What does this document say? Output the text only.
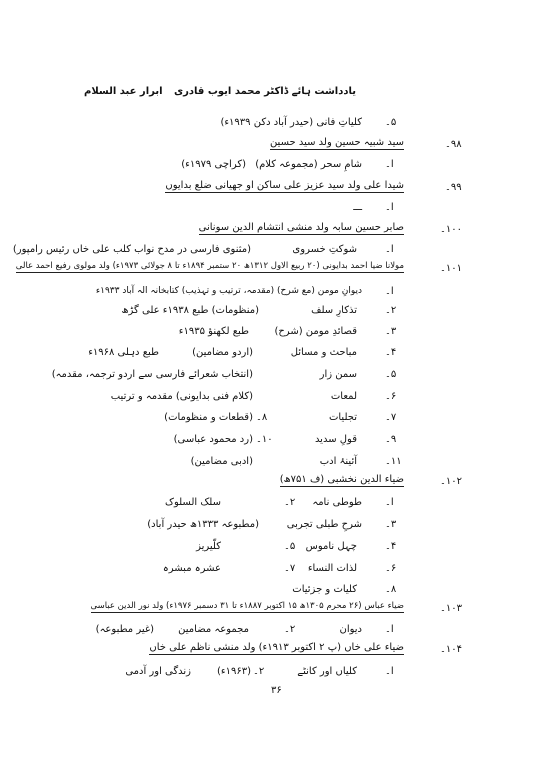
یادداشت ہائے ڈاکٹر محمد ایوب قادری
ابرار عبد السلام
۵۔
کلیاتِ فانی (حیدر آباد دکن ۱۹۳۹ء)
۹۸۔
سید شبیہ حسین ولد سید حسین
ا۔
شامِ سحر (مجموعہ کلام)
(کراچی ۱۹۷۹ء)
۹۹۔
شیدا علی ولد سید عزیز علی ساکن او جھیانی ضلع بدایوں
ا۔
ـــ
۱۰۰۔
صابر حسین سابہ ولد منشی انتشام الدین سونانی
ا۔
شوکتِ خسروی
(مثنوی فارسی در مدح نواب کلب علی خاں رئیس رامپور)
۱۰۱۔
مولانا ضیا احمد بدایونی (۲۰ ربیع الاول ۱۳۱۲ھ ۲۰ ستمبر ۱۸۹۴ء تا ۸ جولائی ۱۹۷۳ء) ولد مولوی رفیع احمد عالی
ا۔
دیوانِ مومن (مع شرح) (مقدمہ، ترتیب و تہذیب) کتابخانہ الہ آباد ۱۹۳۳ء
۲۔
تذکارِ سلف
(منظومات) طبع ۱۹۳۸ء علی گڑھ
۳۔
قصائدِ مومن (شرح)
طبع لکھنؤ ۱۹۳۵ء
۴۔
مباحث و مسائل
(اردو مضامین)
طبع دہلی ۱۹۶۸ء
۵۔
سمن زار
(انتخاب شعرائے فارسی سے اردو ترجمہ، مقدمہ)
۶۔
لمعات
(کلام فنی بدایونی) مقدمہ و ترتیب
۷۔
تجلیات
(قطعات و منظومات) ۸۔
۹۔
قولِ سدید
(رد محمود عباسی) ۱۰۔
۱۱۔
آئینۂ ادب
(ادبی مضامین)
۱۰۲۔
ضیاء الدین نخشبی (ف ۷۵۱ھ)
ا۔
طوطی نامہ
۲۔
سلک السلوک
۳۔
شرحِ طبلی تجربی
(مطبوعہ ۱۳۳۳ھ حیدر آباد)
۴۔
چہل ناموس
۵۔
کلّیریز
۶۔
لذات النساء
۷۔
عشرہ مبشرہ
۸۔
کلیات و جزئیات
۱۰۳۔
ضیاء عباس (۲۶ محرم ۱۳۰۵ھ ۱۵ اکتوبر ۱۸۸۷ء تا ۳۱ دسمبر ۱۹۷۶ء) ولد نور الدین عباسی
ا۔
دیوان
۲۔
مجموعہ مضامین
(غیر مطبوعہ)
۱۰۴۔
ضیاء علی خاں (پ ۲ اکتوبر ۱۹۱۳ء) ولد منشی ناظم علی خاں
ا۔
کلیاں اور کانٹے
(۱۹۶۳ء) ۲۔
زندگی اور آدمی
۳۶
